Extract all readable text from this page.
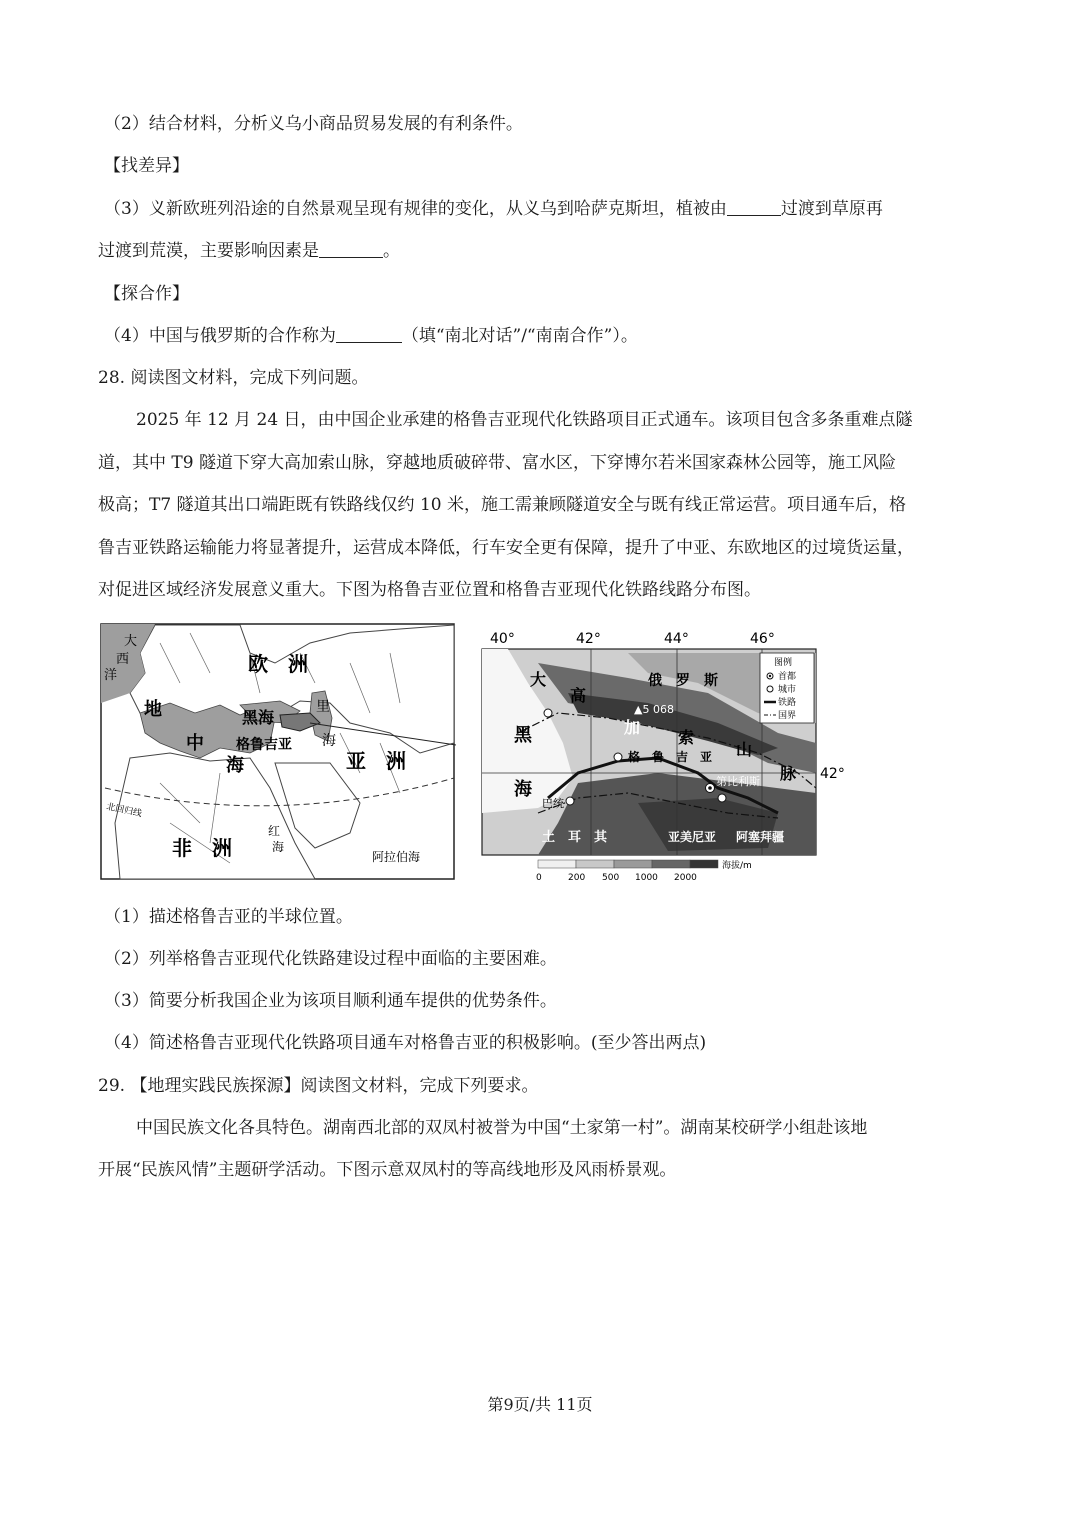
（2）结合材料，分析义乌小商品贸易发展的有利条件。
【找差异】
（3）义新欧班列沿途的自然景观呈现有规律的变化，从义乌到哈萨克斯坦，植被由	过渡到草原再
过渡到荒漠，主要影响因素是	。
【探合作】
（4）中国与俄罗斯的合作称为	（填“南北对话”/“南南合作”）。
28. 阅读图文材料，完成下列问题。
2025 年 12 月 24 日，由中国企业承建的格鲁吉亚现代化铁路项目正式通车。该项目包含多条重难点隧
道，其中 T9 隧道下穿大高加索山脉，穿越地质破碎带、富水区，下穿博尔若米国家森林公园等，施工风险
极高；T7 隧道其出口端距既有铁路线仅约 10 米，施工需兼顾隧道安全与既有线正常运营。项目通车后，格
鲁吉亚铁路运输能力将显著提升，运营成本降低，行车安全更有保障，提升了中亚、东欧地区的过境货运量，
对促进区域经济发展意义重大。下图为格鲁吉亚位置和格鲁吉亚现代化铁路线路分布图。
大
西
洋	欧　洲
黑海
里
海
地
中
海
格鲁吉亚
亚　洲
北回归线
非　洲
红
海
阿拉伯海
40°	42°	44°	46°
大
高
加
索
山
脉
俄　罗　斯
▲5 068
黑
海
格　鲁　吉　亚
第比利斯
巴统
土　耳　其	亚美尼亚 阿塞拜疆
42°
图例
首都
城市
铁路
国界
0	200 500 1000 2000
海拔/m
（1）描述格鲁吉亚的半球位置。
（2）列举格鲁吉亚现代化铁路建设过程中面临的主要困难。
（3）简要分析我国企业为该项目顺利通车提供的优势条件。
（4）简述格鲁吉亚现代化铁路项目通车对格鲁吉亚的积极影响。(至少答出两点)
29. 【地理实践民族探源】阅读图文材料，完成下列要求。
中国民族文化各具特色。湖南西北部的双凤村被誉为中国“土家第一村”。湖南某校研学小组赴该地
开展“民族风情”主题研学活动。下图示意双凤村的等高线地形及风雨桥景观。
第9页/共 11页
